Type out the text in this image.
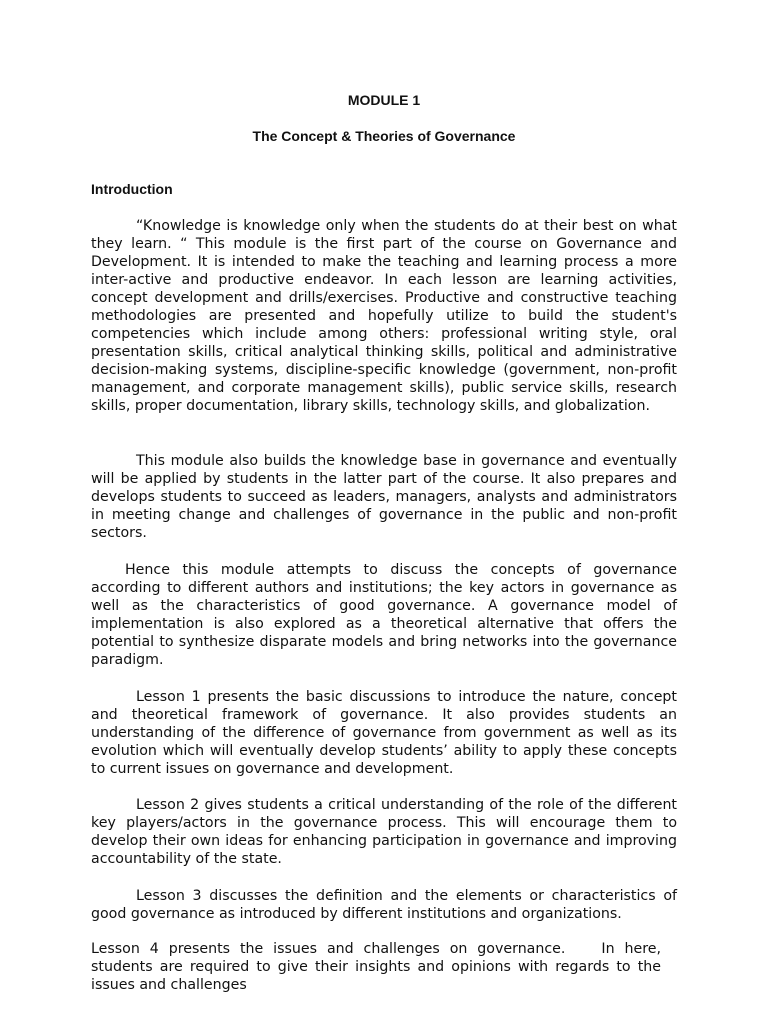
MODULE 1
The Concept & Theories of Governance
Introduction

“Knowledge is knowledge only when the students do at their best on what they learn. “ This module is the first part of the course on Governance and Development. It is intended to make the teaching and learning process a more inter-active and productive endeavor. In each lesson are learning activities, concept development and drills/exercises. Productive and constructive teaching methodologies are presented and hopefully utilize to build the student's competencies which include among others: professional writing style, oral presentation skills, critical analytical thinking skills, political and administrative decision-making systems, discipline-specific knowledge (government, non-profit management, and corporate management skills), public service skills, research skills, proper documentation, library skills, technology skills, and globalization.

This module also builds the knowledge base in governance and eventually will be applied by students in the latter part of the course. It also prepares and develops students to succeed as leaders, managers, analysts and administrators in meeting change and challenges of governance in the public and non-profit sectors.

Hence this module attempts to discuss the concepts of governance according to different authors and institutions; the key actors in governance as well as the characteristics of good governance. A governance model of implementation is also explored as a theoretical alternative that offers the potential to synthesize disparate models and bring networks into the governance paradigm.

Lesson 1 presents the basic discussions to introduce the nature, concept and theoretical framework of governance. It also provides students an understanding of the difference of governance from government as well as its evolution which will eventually develop students’ ability to apply these concepts to current issues on governance and development.

Lesson 2 gives students a critical understanding of the role of the different key players/actors in the governance process. This will encourage them to develop their own ideas for enhancing participation in governance and improving accountability of the state.

Lesson 3 discusses the definition and the elements or characteristics of good governance as introduced by different institutions and organizations.

Lesson 4 presents the issues and challenges on governance.	In here, students are required to give their insights and opinions with regards to the issues and challenges
